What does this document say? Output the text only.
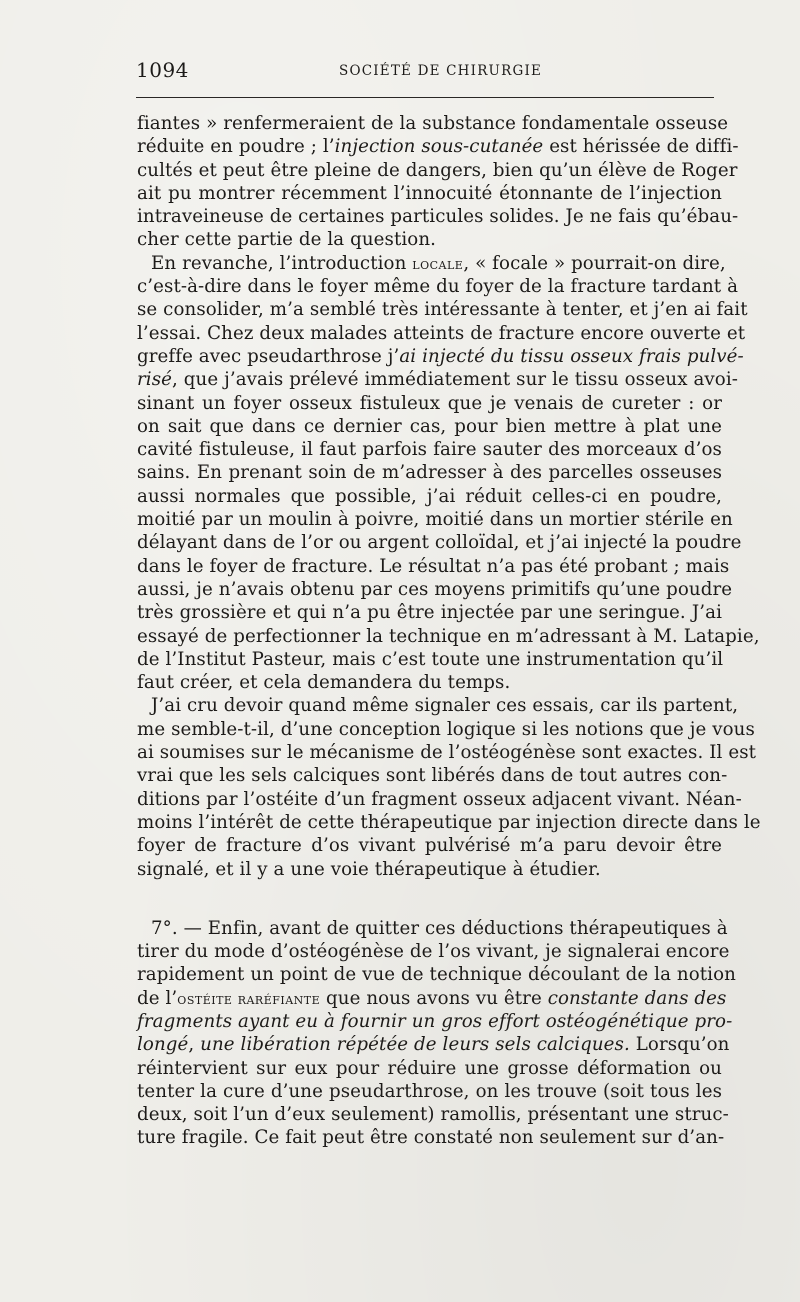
1094	SOCIÉTÉ DE CHIRURGIE
fiantes » renfermeraient de la substance fondamentale osseuse
réduite en poudre ; l’injection sous-cutanée est hérissée de diffi-
cultés et peut être pleine de dangers, bien qu’un élève de Roger
ait pu montrer récemment l’innocuité étonnante de l’injection
intraveineuse de certaines particules solides. Je ne fais qu’ébau-
cher cette partie de la question.
En revanche, l’introduction locale, « focale » pourrait-on dire,
c’est-à-dire dans le foyer même du foyer de la fracture tardant à
se consolider, m’a semblé très intéressante à tenter, et j’en ai fait
l’essai. Chez deux malades atteints de fracture encore ouverte et
greffe avec pseudarthrose j’ai injecté du tissu osseux frais pulvé-
risé, que j’avais prélevé immédiatement sur le tissu osseux avoi-
sinant un foyer osseux fistuleux que je venais de cureter : or
on sait que dans ce dernier cas, pour bien mettre à plat une
cavité fistuleuse, il faut parfois faire sauter des morceaux d’os
sains. En prenant soin de m’adresser à des parcelles osseuses
aussi normales que possible, j’ai réduit celles-ci en poudre,
moitié par un moulin à poivre, moitié dans un mortier stérile en
délayant dans de l’or ou argent colloïdal, et j’ai injecté la poudre
dans le foyer de fracture. Le résultat n’a pas été probant ; mais
aussi, je n’avais obtenu par ces moyens primitifs qu’une poudre
très grossière et qui n’a pu être injectée par une seringue. J’ai
essayé de perfectionner la technique en m’adressant à M. Latapie,
de l’Institut Pasteur, mais c’est toute une instrumentation qu’il
faut créer, et cela demandera du temps.
J’ai cru devoir quand même signaler ces essais, car ils partent,
me semble-t-il, d’une conception logique si les notions que je vous
ai soumises sur le mécanisme de l’ostéogénèse sont exactes. Il est
vrai que les sels calciques sont libérés dans de tout autres con-
ditions par l’ostéite d’un fragment osseux adjacent vivant. Néan-
moins l’intérêt de cette thérapeutique par injection directe dans le
foyer de fracture d’os vivant pulvérisé m’a paru devoir être
signalé, et il y a une voie thérapeutique à étudier.
7°. — Enfin, avant de quitter ces déductions thérapeutiques à
tirer du mode d’ostéogénèse de l’os vivant, je signalerai encore
rapidement un point de vue de technique découlant de la notion
de l’ostéite raréfiante que nous avons vu être constante dans des
fragments ayant eu à fournir un gros effort ostéogénétique pro-
longé, une libération répétée de leurs sels calciques. Lorsqu’on
réintervient sur eux pour réduire une grosse déformation ou
tenter la cure d’une pseudarthrose, on les trouve (soit tous les
deux, soit l’un d’eux seulement) ramollis, présentant une struc-
ture fragile. Ce fait peut être constaté non seulement sur d’an-
